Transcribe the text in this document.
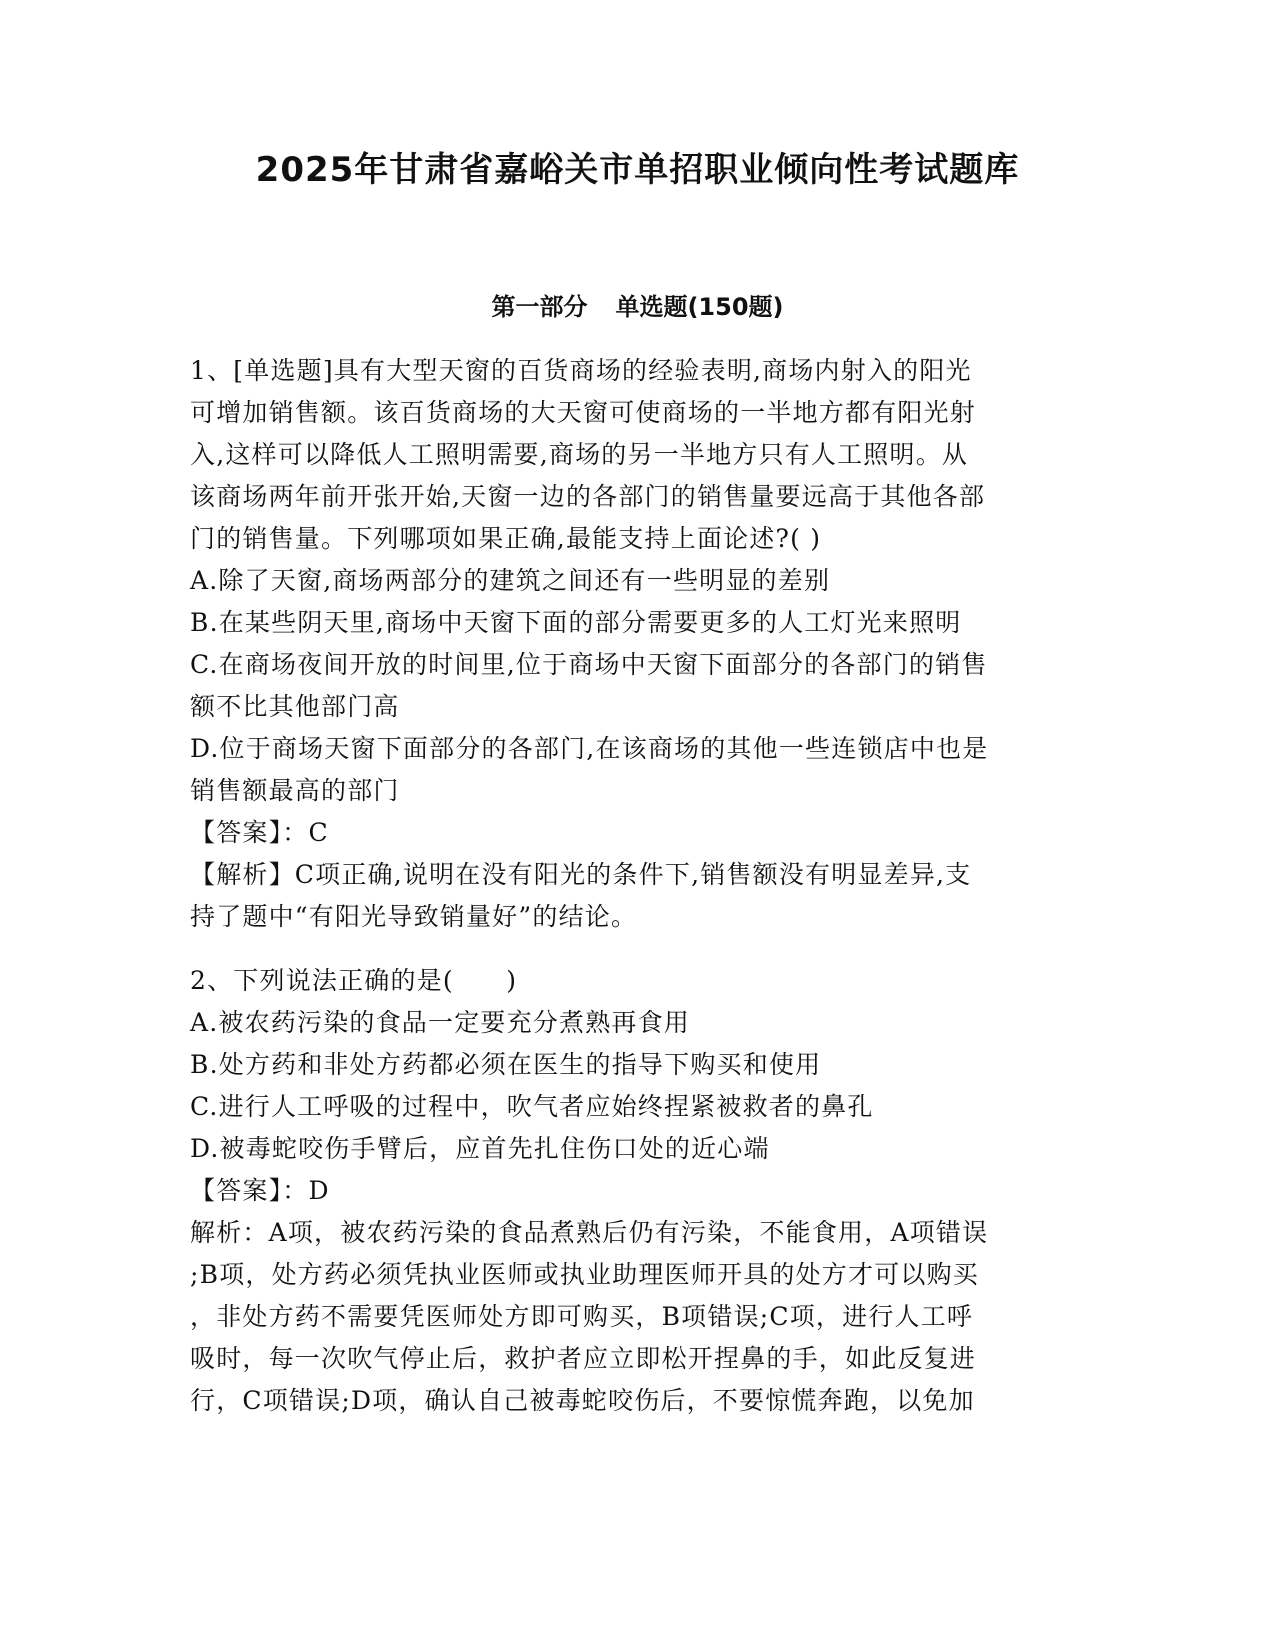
2025年甘肃省嘉峪关市单招职业倾向性考试题库
第一部分 单选题(150题)
1、[单选题]具有大型天窗的百货商场的经验表明,商场内射入的阳光
可增加销售额。该百货商场的大天窗可使商场的一半地方都有阳光射
入,这样可以降低人工照明需要,商场的另一半地方只有人工照明。从
该商场两年前开张开始,天窗一边的各部门的销售量要远高于其他各部
门的销售量。下列哪项如果正确,最能支持上面论述?( )
A.除了天窗,商场两部分的建筑之间还有一些明显的差别
B.在某些阴天里,商场中天窗下面的部分需要更多的人工灯光来照明
C.在商场夜间开放的时间里,位于商场中天窗下面部分的各部门的销售
额不比其他部门高
D.位于商场天窗下面部分的各部门,在该商场的其他一些连锁店中也是
销售额最高的部门
【答案】：C
【解析】C项正确,说明在没有阳光的条件下,销售额没有明显差异,支
持了题中“有阳光导致销量好”的结论。
2、下列说法正确的是(　　)
A.被农药污染的食品一定要充分煮熟再食用
B.处方药和非处方药都必须在医生的指导下购买和使用
C.进行人工呼吸的过程中，吹气者应始终捏紧被救者的鼻孔
D.被毒蛇咬伤手臂后，应首先扎住伤口处的近心端
【答案】：D
解析：A项，被农药污染的食品煮熟后仍有污染，不能食用，A项错误
;B项，处方药必须凭执业医师或执业助理医师开具的处方才可以购买
，非处方药不需要凭医师处方即可购买，B项错误;C项，进行人工呼
吸时，每一次吹气停止后，救护者应立即松开捏鼻的手，如此反复进
行，C项错误;D项，确认自己被毒蛇咬伤后，不要惊慌奔跑，以免加
